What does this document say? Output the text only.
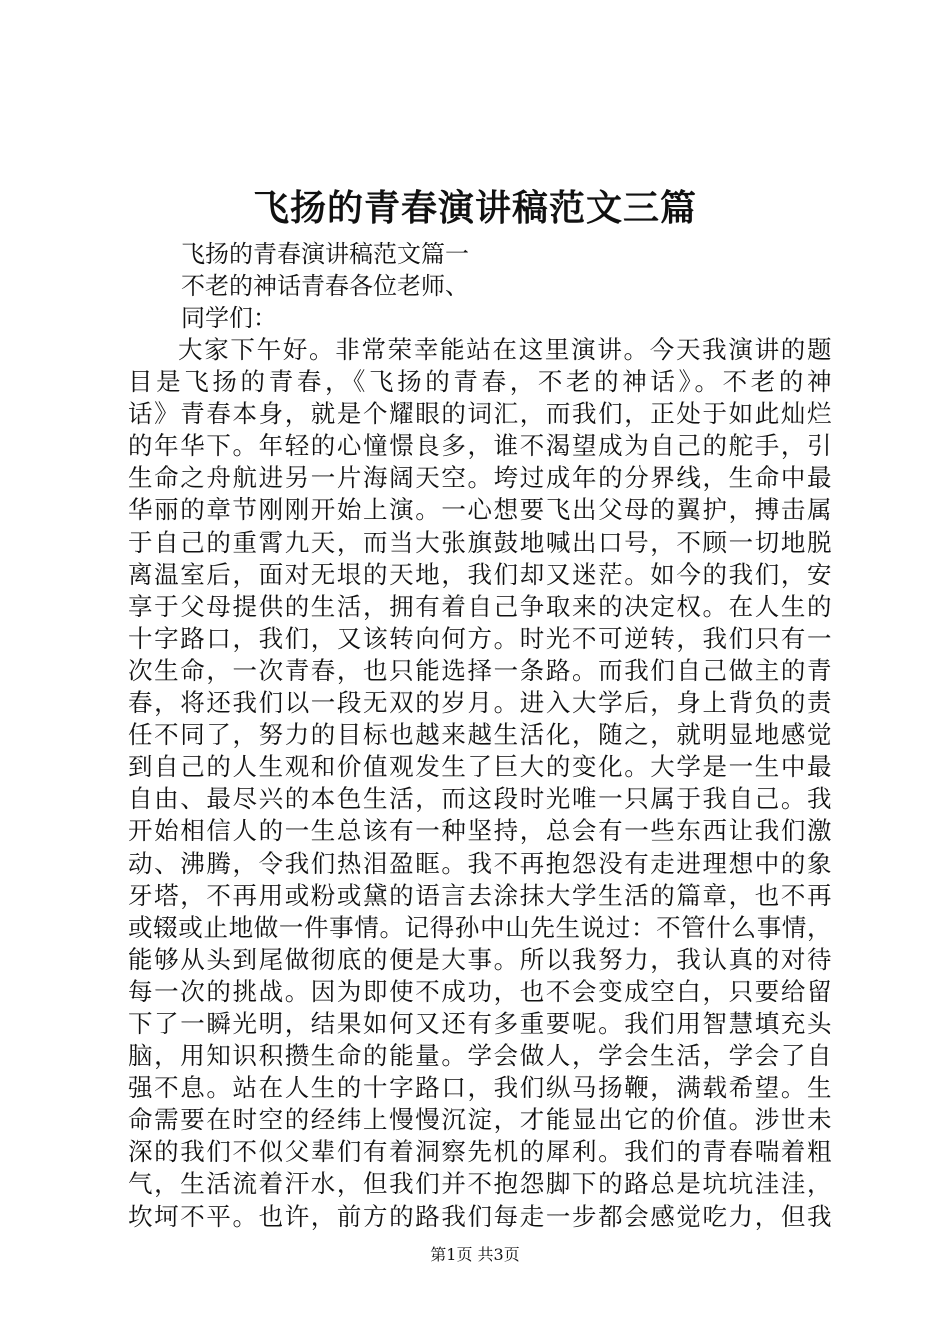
飞扬的青春演讲稿范文三篇
飞扬的青春演讲稿范文篇一
不老的神话青春各位老师、
同学们：
大家下午好。非常荣幸能站在这里演讲。今天我演讲的题
目是飞扬的青春，《飞扬的青春，不老的神话》。不老的神
话》青春本身，就是个耀眼的词汇，而我们，正处于如此灿烂
的年华下。年轻的心憧憬良多，谁不渴望成为自己的舵手，引
生命之舟航进另一片海阔天空。垮过成年的分界线，生命中最
华丽的章节刚刚开始上演。一心想要飞出父母的翼护，搏击属
于自己的重霄九天，而当大张旗鼓地喊出口号，不顾一切地脱
离温室后，面对无垠的天地，我们却又迷茫。如今的我们，安
享于父母提供的生活，拥有着自己争取来的决定权。在人生的
十字路口，我们，又该转向何方。时光不可逆转，我们只有一
次生命，一次青春，也只能选择一条路。而我们自己做主的青
春，将还我们以一段无双的岁月。进入大学后，身上背负的责
任不同了，努力的目标也越来越生活化，随之，就明显地感觉
到自己的人生观和价值观发生了巨大的变化。大学是一生中最
自由、最尽兴的本色生活，而这段时光唯一只属于我自己。我
开始相信人的一生总该有一种坚持，总会有一些东西让我们激
动、沸腾，令我们热泪盈眶。我不再抱怨没有走进理想中的象
牙塔，不再用或粉或黛的语言去涂抹大学生活的篇章，也不再
或辍或止地做一件事情。记得孙中山先生说过：不管什么事情，
能够从头到尾做彻底的便是大事。所以我努力，我认真的对待
每一次的挑战。因为即使不成功，也不会变成空白，只要给留
下了一瞬光明，结果如何又还有多重要呢。我们用智慧填充头
脑，用知识积攒生命的能量。学会做人，学会生活，学会了自
强不息。站在人生的十字路口，我们纵马扬鞭，满载希望。生
命需要在时空的经纬上慢慢沉淀，才能显出它的价值。涉世未
深的我们不似父辈们有着洞察先机的犀利。我们的青春喘着粗
气，生活流着汗水，但我们并不抱怨脚下的路总是坑坑洼洼，
坎坷不平。也许，前方的路我们每走一步都会感觉吃力，但我
第1页 共3页
